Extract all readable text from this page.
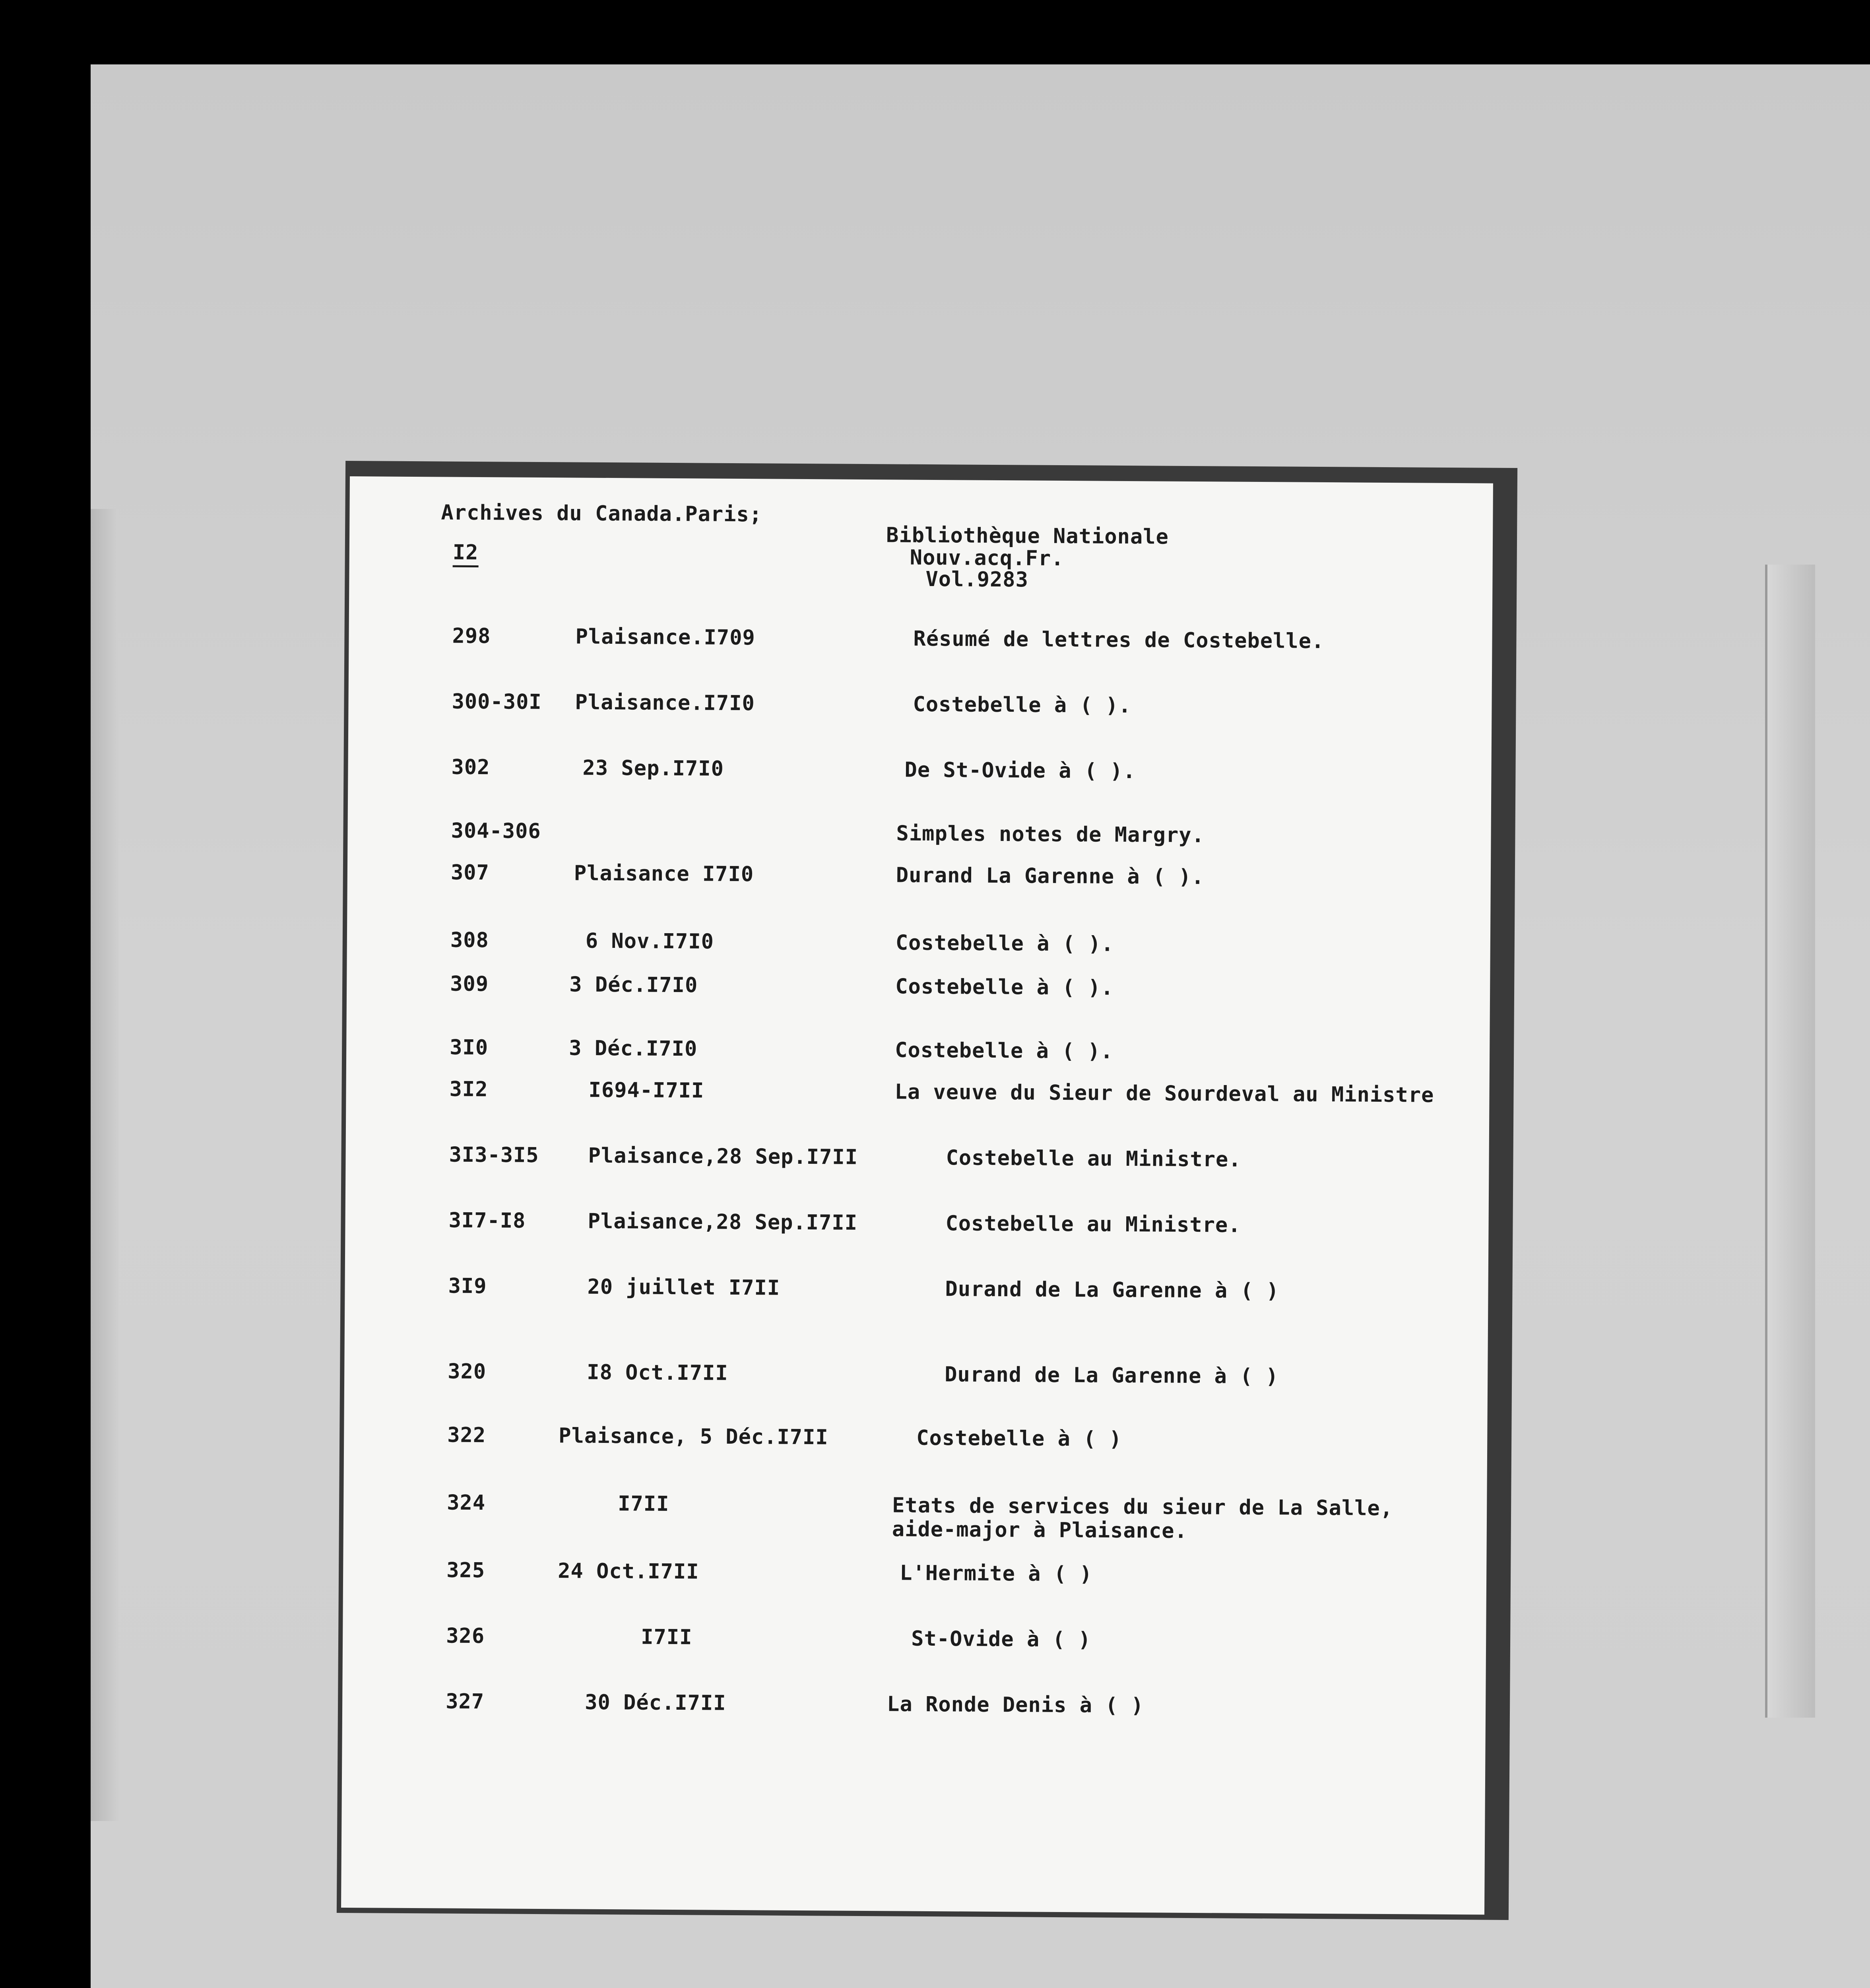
Archives du Canada.Paris;
I2
Bibliothèque Nationale
Nouv.acq.Fr.
Vol.9283
298	Plaisance.I709	Résumé de lettres de Costebelle.
300-30I Plaisance.I7I0	Costebelle à ( ).
302	23 Sep.I7I0	De St-Ovide à ( ).
304-306	Simples notes de Margry.
307	Plaisance I7I0	Durand La Garenne à ( ).
308	6 Nov.I7I0	Costebelle à ( ).
309	3 Déc.I7I0	Costebelle à ( ).
3I0	3 Déc.I7I0	Costebelle à ( ).
3I2	I694-I7II	La veuve du Sieur de Sourdeval au Ministre
3I3-3I5 Plaisance,28 Sep.I7II	Costebelle au Ministre.
3I7-I8	Plaisance,28 Sep.I7II	Costebelle au Ministre.
3I9	20 juillet I7II	Durand de La Garenne à ( )
320	I8 Oct.I7II	Durand de La Garenne à ( )
322	Plaisance, 5 Déc.I7II	Costebelle à ( )
324	I7II	Etats de services du sieur de La Salle,
aide-major à Plaisance.
325	24 Oct.I7II	L'Hermite à ( )
326	I7II	St-Ovide à ( )
327	30 Déc.I7II	La Ronde Denis à ( )
